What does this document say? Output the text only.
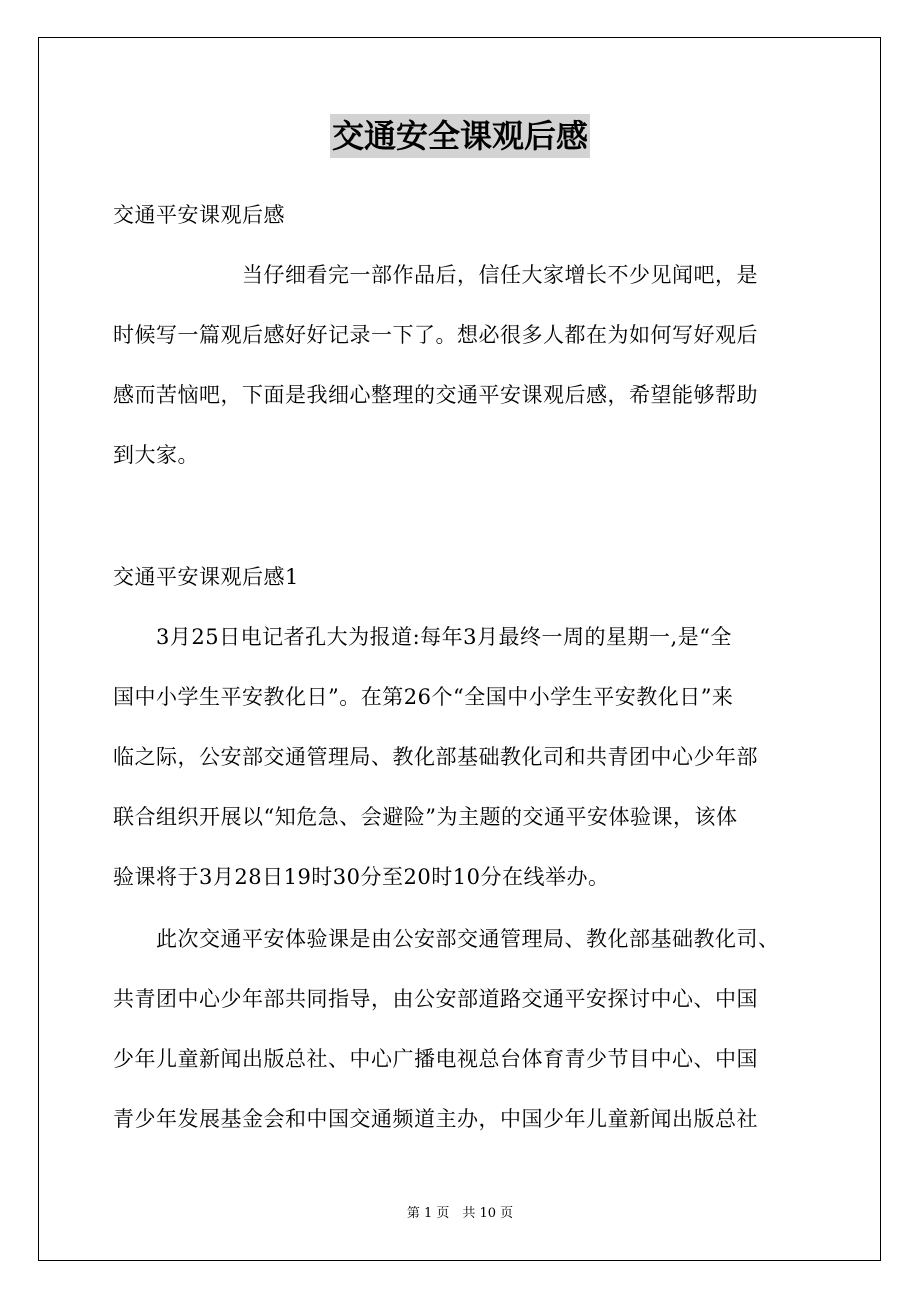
交通安全课观后感
交通平安课观后感
　　　　　　当仔细看完一部作品后，信任大家增长不少见闻吧，是
时候写一篇观后感好好记录一下了。想必很多人都在为如何写好观后
感而苦恼吧，下面是我细心整理的交通平安课观后感，希望能够帮助
到大家。
交通平安课观后感1
　　3月25日电记者孔大为报道:每年3月最终一周的星期一,是“全
国中小学生平安教化日”。在第26个“全国中小学生平安教化日”来
临之际，公安部交通管理局、教化部基础教化司和共青团中心少年部
联合组织开展以“知危急、会避险”为主题的交通平安体验课，该体
验课将于3月28日19时30分至20时10分在线举办。
　　此次交通平安体验课是由公安部交通管理局、教化部基础教化司、
共青团中心少年部共同指导，由公安部道路交通平安探讨中心、中国
少年儿童新闻出版总社、中心广播电视总台体育青少节目中心、中国
青少年发展基金会和中国交通频道主办，中国少年儿童新闻出版总社
第 1 页　共 10 页
